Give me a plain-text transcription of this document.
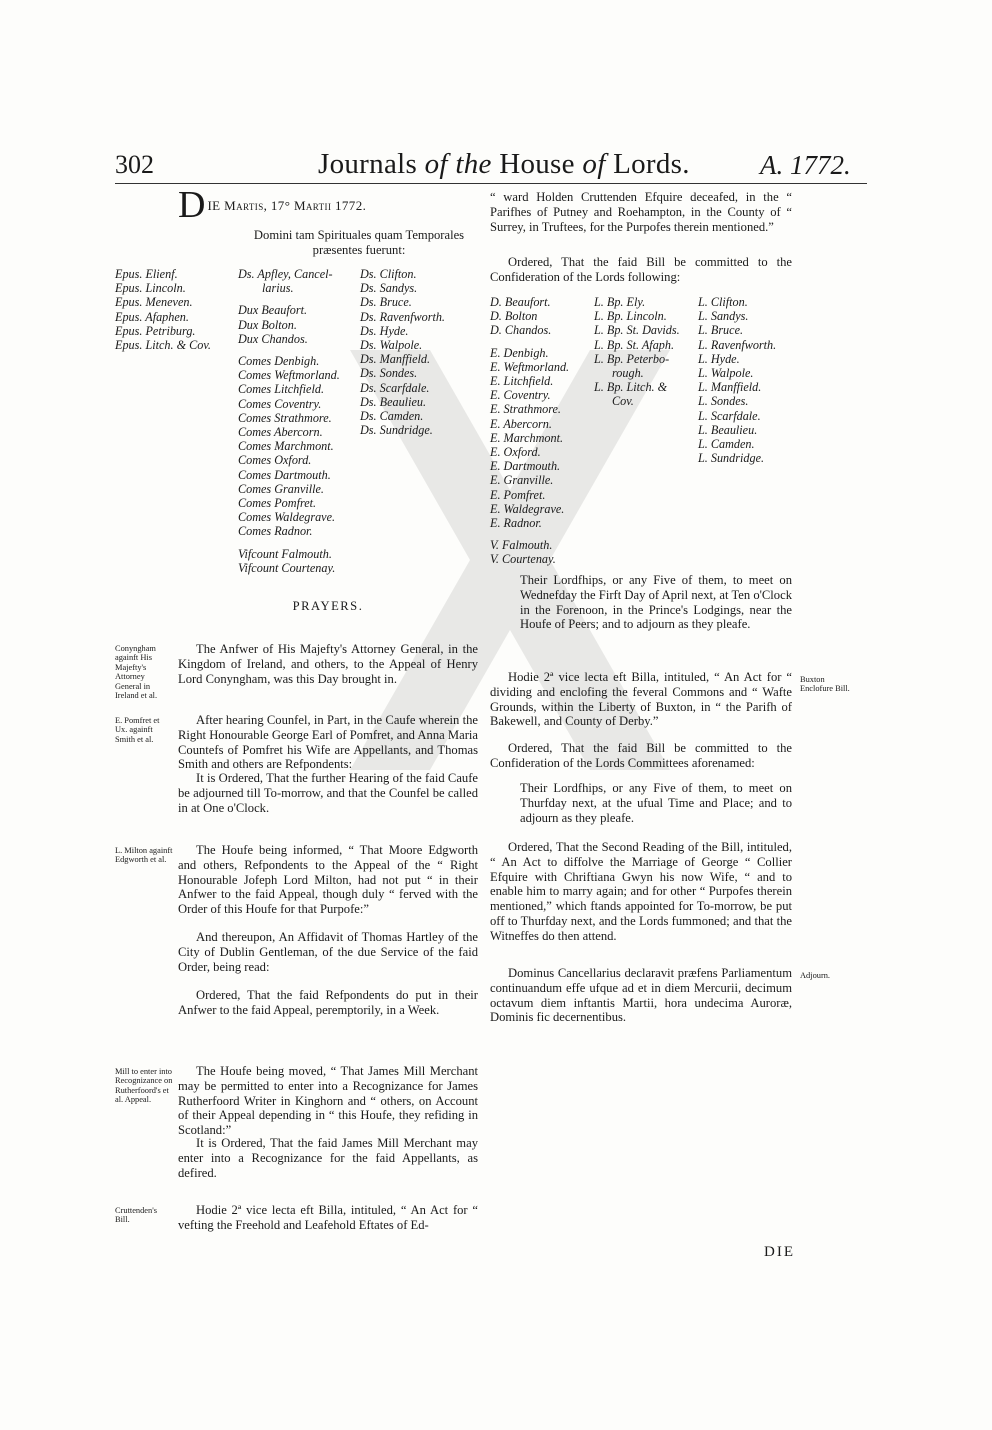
302	Journals of the House of Lords.	A. 1772.
DIE Martis, 17° Martii 1772.
Domini tam Spirituales quam Temporales præsentes fuerunt:
Epus. Elienf.
Epus. Lincoln.
Epus. Meneven.
Epus. Afaphen.
Epus. Petriburg.
Epus. Litch. & Cov.
Ds. Apfley, Cancel-
larius.
Dux Beaufort.
Dux Bolton.
Dux Chandos.
Comes Denbigh.
Comes Weftmorland.
Comes Litchfield.
Comes Coventry.
Comes Strathmore.
Comes Abercorn.
Comes Marchmont.
Comes Oxford.
Comes Dartmouth.
Comes Granville.
Comes Pomfret.
Comes Waldegrave.
Comes Radnor.
Vifcount Falmouth.
Vifcount Courtenay.
Ds. Clifton.
Ds. Sandys.
Ds. Bruce.
Ds. Ravenfworth.
Ds. Hyde.
Ds. Walpole.
Ds. Manffield.
Ds. Sondes.
Ds. Scarfdale.
Ds. Beaulieu.
Ds. Camden.
Ds. Sundridge.
PRAYERS.
Conyngham againft His Majefty's Attorney General in Ireland et al.
The Anfwer of His Majefty's Attorney General, in the Kingdom of Ireland, and others, to the Appeal of Henry Lord Conyngham, was this Day brought in.
E. Pomfret et Ux. againft Smith et al.
After hearing Counfel, in Part, in the Caufe wherein the Right Honourable George Earl of Pomfret, and Anna Maria Countefs of Pomfret his Wife are Appellants, and Thomas Smith and others are Refpondents:
It is Ordered, That the further Hearing of the faid Caufe be adjourned till To-morrow, and that the Counfel be called in at One o'Clock.
L. Milton againft Edgworth et al.
The Houfe being informed, “ That Moore Edgworth and others, Refpondents to the Appeal of the “ Right Honourable Jofeph Lord Milton, had not put “ in their Anfwer to the faid Appeal, though duly “ ferved with the Order of this Houfe for that Purpofe:”
And thereupon, An Affidavit of Thomas Hartley of the City of Dublin Gentleman, of the due Service of the faid Order, being read:
Ordered, That the faid Refpondents do put in their Anfwer to the faid Appeal, peremptorily, in a Week.
Mill to enter into Recognizance on Rutherfoord's et al. Appeal.
The Houfe being moved, “ That James Mill Merchant may be permitted to enter into a Recognizance for James Rutherfoord Writer in Kinghorn and “ others, on Account of their Appeal depending in “ this Houfe, they refiding in Scotland:”
It is Ordered, That the faid James Mill Merchant may enter into a Recognizance for the faid Appellants, as defired.
Cruttenden's Bill.
Hodie 2ª vice lecta eft Billa, intituled, “ An Act for “ vefting the Freehold and Leafehold Eftates of Ed-
“ ward Holden Cruttenden Efquire deceafed, in the “ Parifhes of Putney and Roehampton, in the County of “ Surrey, in Truftees, for the Purpofes therein mentioned.”
Ordered, That the faid Bill be committed to the Confideration of the Lords following:
D. Beaufort.
D. Bolton
D. Chandos.
E. Denbigh.
E. Weftmorland.
E. Litchfield.
E. Coventry.
E. Strathmore.
E. Abercorn.
E. Marchmont.
E. Oxford.
E. Dartmouth.
E. Granville.
E. Pomfret.
E. Waldegrave.
E. Radnor.
V. Falmouth.
V. Courtenay.
L. Bp. Ely.
L. Bp. Lincoln.
L. Bp. St. Davids.
L. Bp. St. Afaph.
L. Bp. Peterbo-
rough.
L. Bp. Litch. &
Cov.
L. Clifton.
L. Sandys.
L. Bruce.
L. Ravenfworth.
L. Hyde.
L. Walpole.
L. Manffield.
L. Sondes.
L. Scarfdale.
L. Beaulieu.
L. Camden.
L. Sundridge.
Their Lordfhips, or any Five of them, to meet on Wednefday the Firft Day of April next, at Ten o'Clock in the Forenoon, in the Prince's Lodgings, near the Houfe of Peers; and to adjourn as they pleafe.
Hodie 2ª vice lecta eft Billa, intituled, “ An Act for “ dividing and enclofing the feveral Commons and “ Wafte Grounds, within the Liberty of Buxton, in “ the Parifh of Bakewell, and County of Derby.”
Buxton Enclofure Bill.
Ordered, That the faid Bill be committed to the Confideration of the Lords Committees aforenamed:
Their Lordfhips, or any Five of them, to meet on Thurfday next, at the ufual Time and Place; and to adjourn as they pleafe.
Ordered, That the Second Reading of the Bill, intituled, “ An Act to diffolve the Marriage of George “ Collier Efquire with Chriftiana Gwyn his now Wife, “ and to enable him to marry again; and for other “ Purpofes therein mentioned,” which ftands appointed for To-morrow, be put off to Thurfday next, and the Lords fummoned; and that the Witneffes do then attend.
Dominus Cancellarius declaravit præfens Parliamentum continuandum effe ufque ad et in diem Mercurii, decimum octavum diem inftantis Martii, hora undecima Auroræ, Dominis fic decernentibus.
Adjourn.
DIE
